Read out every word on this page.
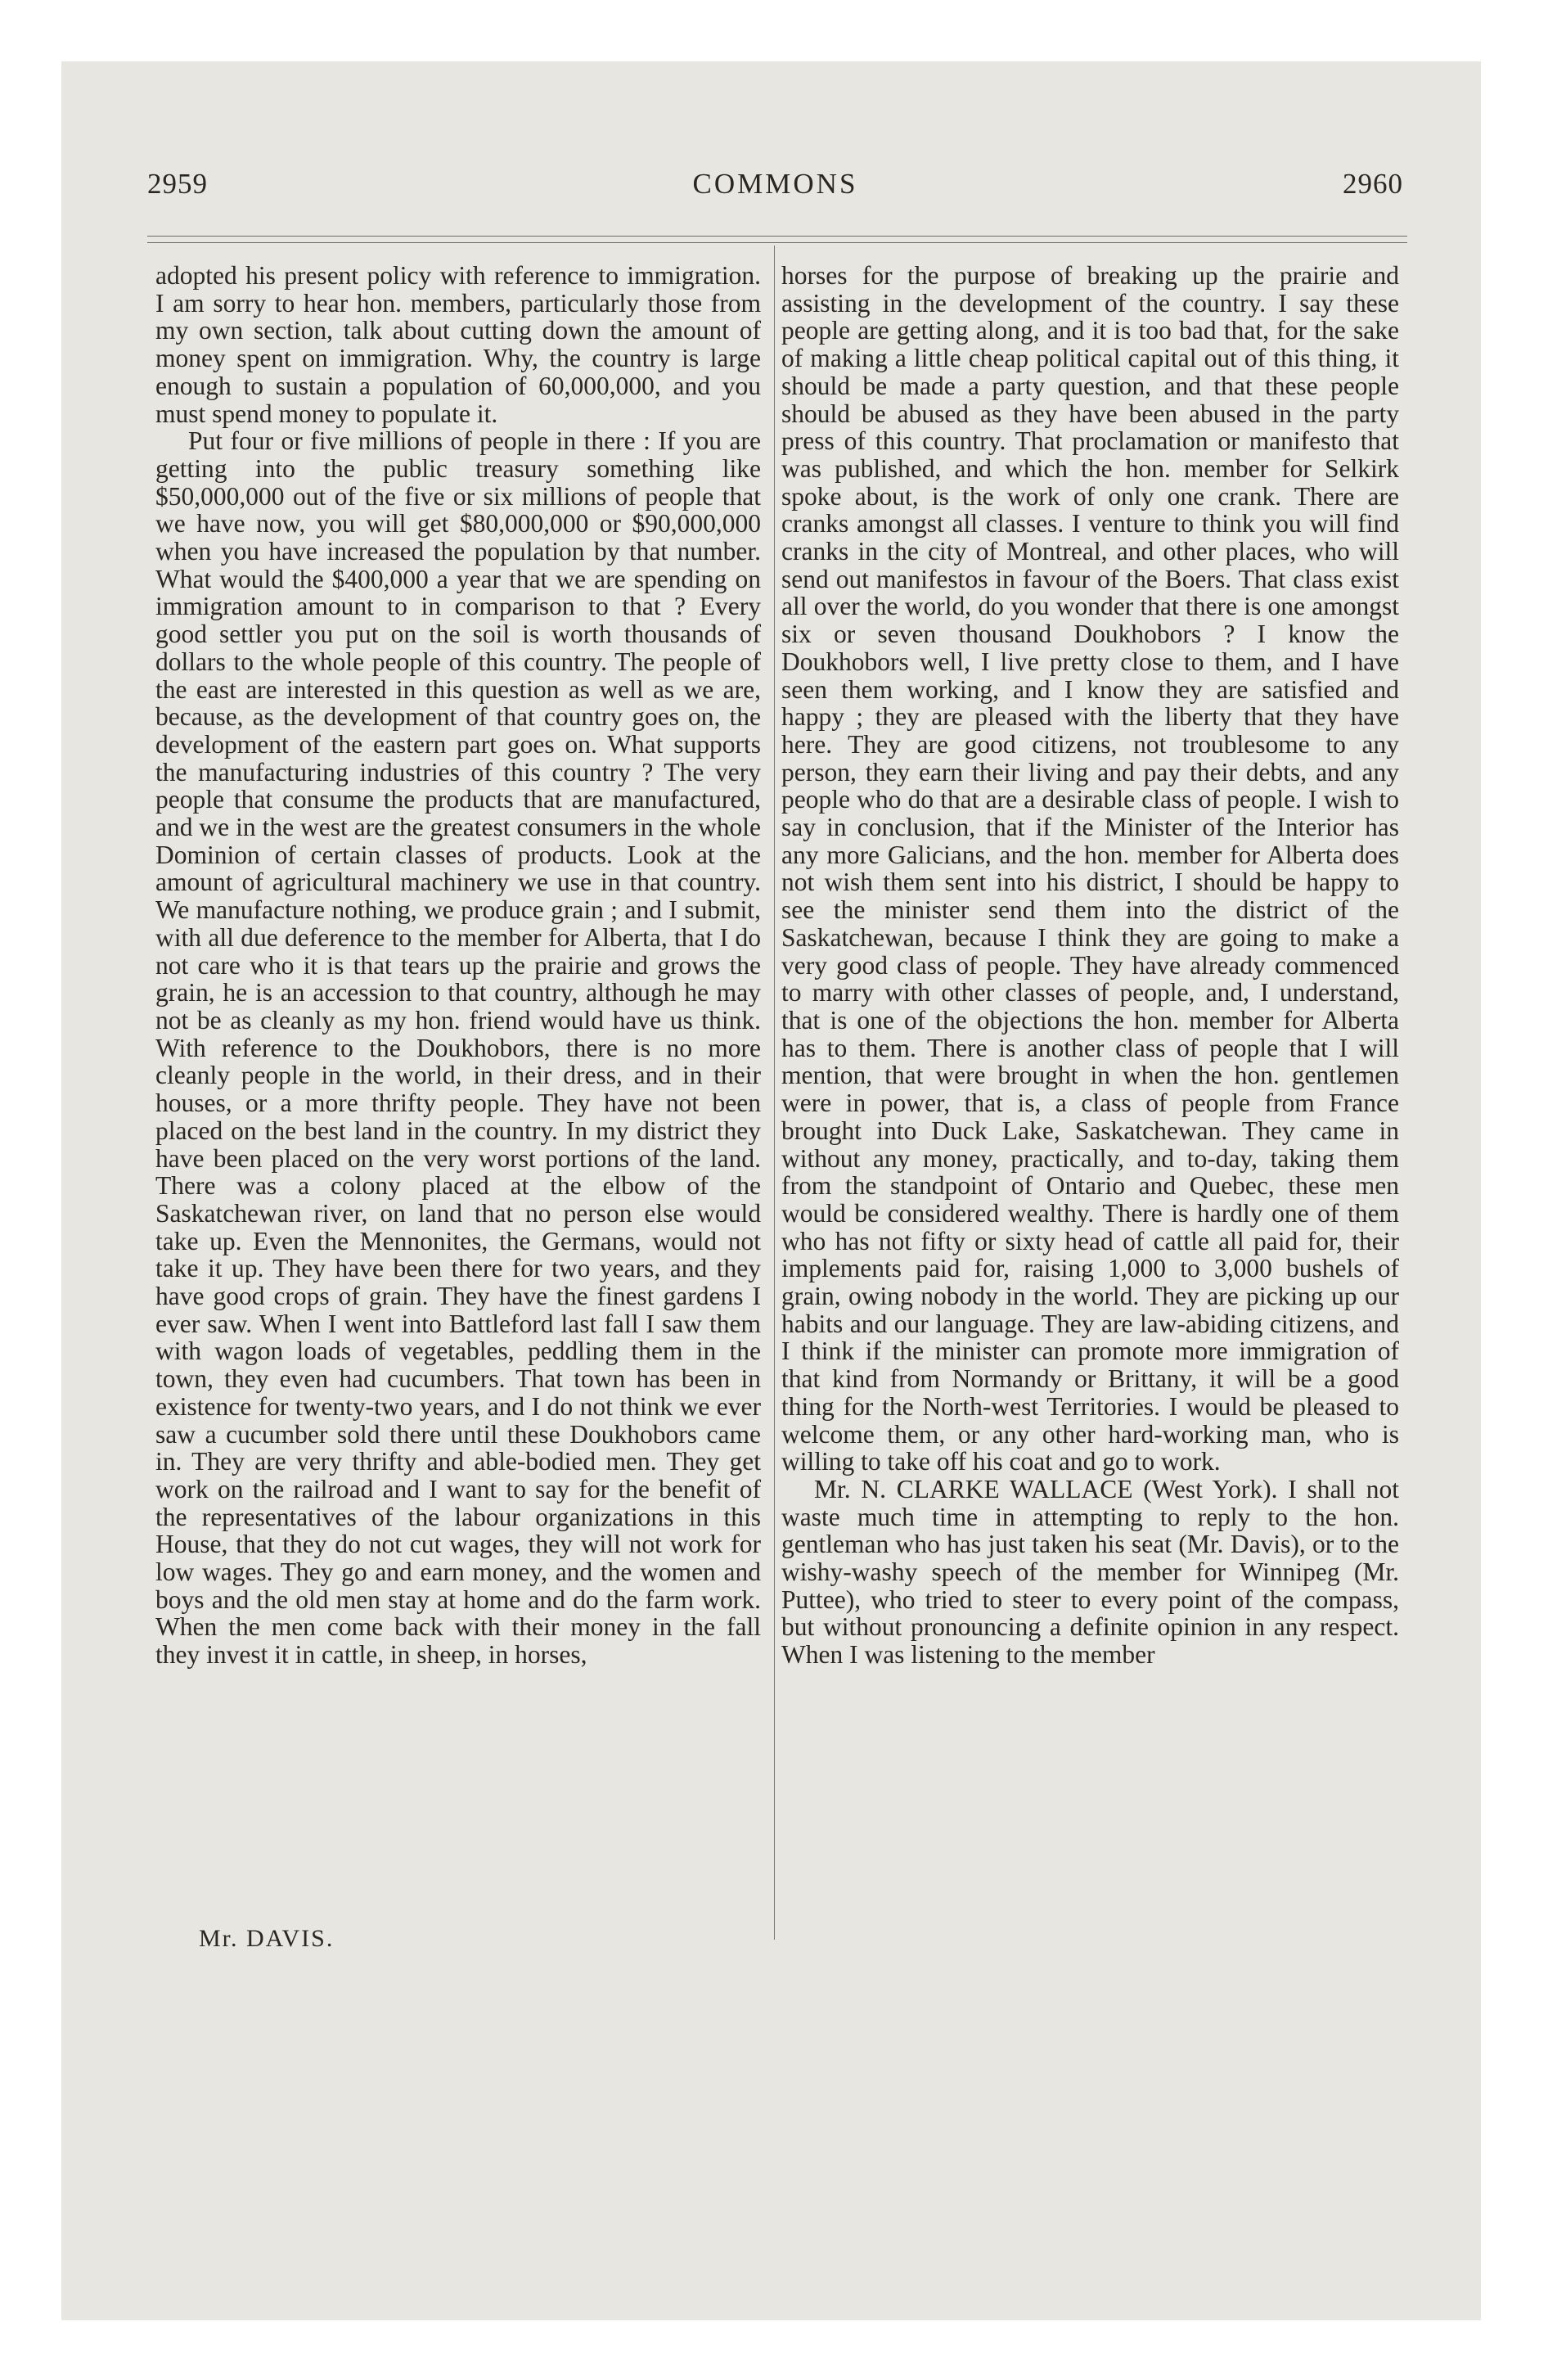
2959	COMMONS	2960

adopted his present policy with reference to immigration. I am sorry to hear hon. members, particularly those from my own section, talk about cutting down the amount of money spent on immigration. Why, the country is large enough to sustain a population of 60,000,000, and you must spend money to populate it.

Put four or five millions of people in there : If you are getting into the public treasury something like $50,000,000 out of the five or six millions of people that we have now, you will get $80,000,000 or $90,000,000 when you have increased the population by that number. What would the $400,000 a year that we are spending on immigration amount to in comparison to that ? Every good settler you put on the soil is worth thousands of dollars to the whole people of this country. The people of the east are interested in this question as well as we are, because, as the development of that country goes on, the development of the eastern part goes on. What supports the manufacturing industries of this country ? The very people that consume the products that are manufactured, and we in the west are the greatest consumers in the whole Dominion of certain classes of products. Look at the amount of agricultural machinery we use in that country. We manufacture nothing, we produce grain ; and I submit, with all due deference to the member for Alberta, that I do not care who it is that tears up the prairie and grows the grain, he is an accession to that country, although he may not be as cleanly as my hon. friend would have us think. With reference to the Doukhobors, there is no more cleanly people in the world, in their dress, and in their houses, or a more thrifty people. They have not been placed on the best land in the country. In my district they have been placed on the very worst portions of the land. There was a colony placed at the elbow of the Saskatchewan river, on land that no person else would take up. Even the Mennonites, the Germans, would not take it up. They have been there for two years, and they have good crops of grain. They have the finest gardens I ever saw. When I went into Battleford last fall I saw them with wagon loads of vegetables, peddling them in the town, they even had cucumbers. That town has been in existence for twenty-two years, and I do not think we ever saw a cucumber sold there until these Doukhobors came in. They are very thrifty and able-bodied men. They get work on the railroad and I want to say for the benefit of the representatives of the labour organizations in this House, that they do not cut wages, they will not work for low wages. They go and earn money, and the women and boys and the old men stay at home and do the farm work. When the men come back with their money in the fall they invest it in cattle, in sheep, in horses,

horses for the purpose of breaking up the prairie and assisting in the development of the country. I say these people are getting along, and it is too bad that, for the sake of making a little cheap political capital out of this thing, it should be made a party question, and that these people should be abused as they have been abused in the party press of this country. That proclamation or manifesto that was published, and which the hon. member for Selkirk spoke about, is the work of only one crank. There are cranks amongst all classes. I venture to think you will find cranks in the city of Montreal, and other places, who will send out manifestos in favour of the Boers. That class exist all over the world, do you wonder that there is one amongst six or seven thousand Doukhobors ? I know the Doukhobors well, I live pretty close to them, and I have seen them working, and I know they are satisfied and happy ; they are pleased with the liberty that they have here. They are good citizens, not troublesome to any person, they earn their living and pay their debts, and any people who do that are a desirable class of people. I wish to say in conclusion, that if the Minister of the Interior has any more Galicians, and the hon. member for Alberta does not wish them sent into his district, I should be happy to see the minister send them into the district of the Saskatchewan, because I think they are going to make a very good class of people. They have already commenced to marry with other classes of people, and, I understand, that is one of the objections the hon. member for Alberta has to them. There is another class of people that I will mention, that were brought in when the hon. gentlemen were in power, that is, a class of people from France brought into Duck Lake, Saskatchewan. They came in without any money, practically, and to-day, taking them from the standpoint of Ontario and Quebec, these men would be considered wealthy. There is hardly one of them who has not fifty or sixty head of cattle all paid for, their implements paid for, raising 1,000 to 3,000 bushels of grain, owing nobody in the world. They are picking up our habits and our language. They are law-abiding citizens, and I think if the minister can promote more immigration of that kind from Normandy or Brittany, it will be a good thing for the North-west Territories. I would be pleased to welcome them, or any other hard-working man, who is willing to take off his coat and go to work.

Mr. N. CLARKE WALLACE (West York). I shall not waste much time in attempting to reply to the hon. gentleman who has just taken his seat (Mr. Davis), or to the wishy-washy speech of the member for Winnipeg (Mr. Puttee), who tried to steer to every point of the compass, but without pronouncing a definite opinion in any respect. When I was listening to the member

Mr. DAVIS.
